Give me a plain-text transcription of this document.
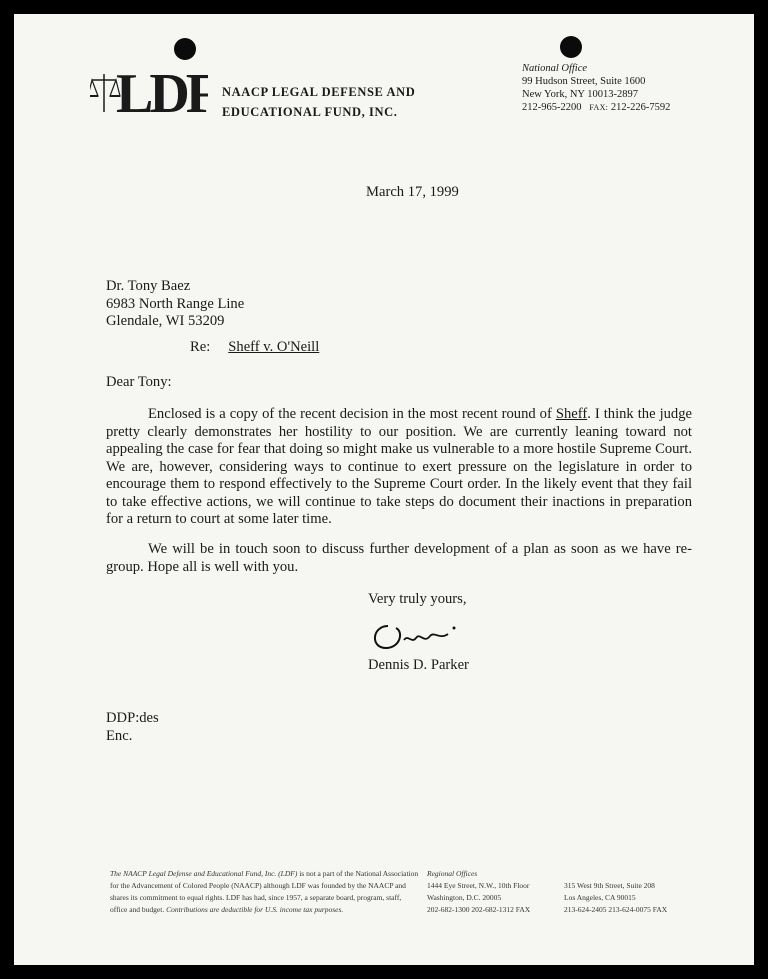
LDF NAACP LEGAL DEFENSE AND
EDUCATIONAL FUND, INC.
National Office
99 Hudson Street, Suite 1600
New York, NY 10013-2897
212-965-2200 FAX: 212-226-7592
March 17, 1999
Dr. Tony Baez
6983 North Range Line
Glendale, WI 53209
Re: Sheff v. O'Neill
Dear Tony:

Enclosed is a copy of the recent decision in the most recent round of Sheff. I think the judge pretty clearly demonstrates her hostility to our position. We are currently leaning toward not appealing the case for fear that doing so might make us vulnerable to a more hostile Supreme Court. We are, however, considering ways to continue to exert pressure on the legislature in order to encourage them to respond effectively to the Supreme Court order. In the likely event that they fail to take effective actions, we will continue to take steps do document their inactions in preparation for a return to court at some later time.

We will be in touch soon to discuss further development of a plan as soon as we have re-group. Hope all is well with you.

Very truly yours,
Dennis D. Parker
DDP:des
Enc.
The NAACP Legal Defense and Educational Fund, Inc. (LDF) is not a part of the National Association for the Advancement of Colored People (NAACP) although LDF was founded by the NAACP and shares its commitment to equal rights. LDF has had, since 1957, a separate board, program, staff, office and budget. Contributions are deductible for U.S. income tax purposes.
Regional Offices
1444 Eye Street, N.W., 10th Floor
Washington, D.C. 20005
202-682-1300 202-682-1312 FAX

315 West 9th Street, Suite 208
Los Angeles, CA 90015
213-624-2405 213-624-0075 FAX
